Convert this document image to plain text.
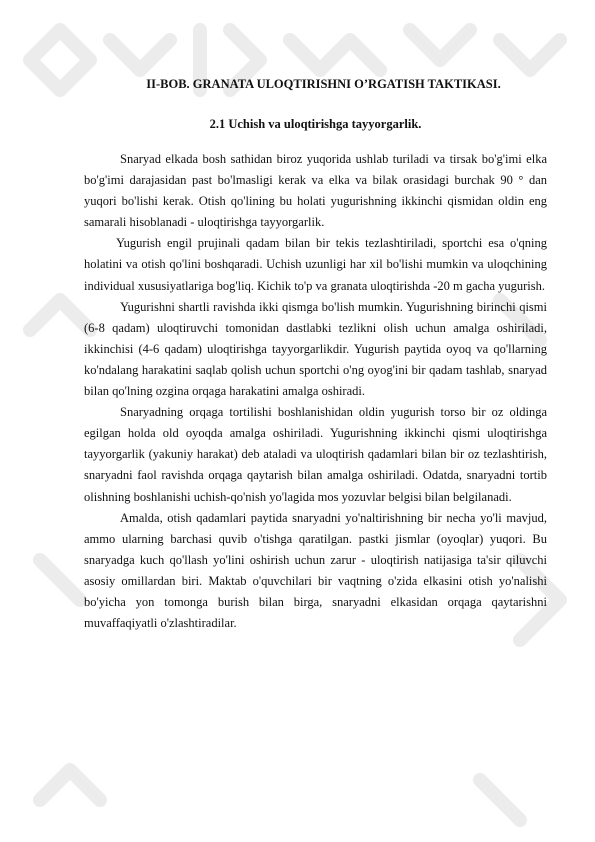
II-BOB. GRANATA ULOQTIRISHNI O’RGATISH TAKTIKASI.
2.1 Uchish va uloqtirishga tayyorgarlik.

Snaryad elkada bosh sathidan biroz yuqorida ushlab turiladi va tirsak bo'g'imi elka bo'g'imi darajasidan past bo'lmasligi kerak va elka va bilak orasidagi burchak 90 ° dan yuqori bo'lishi kerak. Otish qo'lining bu holati yugurishning ikkinchi qismidan oldin eng samarali hisoblanadi - uloqtirishga tayyorgarlik.

Yugurish engil prujinali qadam bilan bir tekis tezlashtiriladi, sportchi esa o'qning holatini va otish qo'lini boshqaradi. Uchish uzunligi har xil bo'lishi mumkin va uloqchining individual xususiyatlariga bog'liq. Kichik to'p va granata uloqtirishda -20 m gacha yugurish.

Yugurishni shartli ravishda ikki qismga bo'lish mumkin. Yugurishning birinchi qismi (6-8 qadam) uloqtiruvchi tomonidan dastlabki tezlikni olish uchun amalga oshiriladi, ikkinchisi (4-6 qadam) uloqtirishga tayyorgarlikdir. Yugurish paytida oyoq va qo'llarning ko'ndalang harakatini saqlab qolish uchun sportchi o'ng oyog'ini bir qadam tashlab, snaryad bilan qo'lning ozgina orqaga harakatini amalga oshiradi.

Snaryadning orqaga tortilishi boshlanishidan oldin yugurish torso bir oz oldinga egilgan holda old oyoqda amalga oshiriladi. Yugurishning ikkinchi qismi uloqtirishga tayyorgarlik (yakuniy harakat) deb ataladi va uloqtirish qadamlari bilan bir oz tezlashtirish, snaryadni faol ravishda orqaga qaytarish bilan amalga oshiriladi. Odatda, snaryadni tortib olishning boshlanishi uchish-qo'nish yo'lagida mos yozuvlar belgisi bilan belgilanadi.

Amalda, otish qadamlari paytida snaryadni yo'naltirishning bir necha yo'li mavjud, ammo ularning barchasi quvib o'tishga qaratilgan. pastki jismlar (oyoqlar) yuqori. Bu snaryadga kuch qo'llash yo'lini oshirish uchun zarur - uloqtirish natijasiga ta'sir qiluvchi asosiy omillardan biri. Maktab o'quvchilari bir vaqtning o'zida elkasini otish yo'nalishi bo'yicha yon tomonga burish bilan birga, snaryadni elkasidan orqaga qaytarishni muvaffaqiyatli o'zlashtiradilar.
